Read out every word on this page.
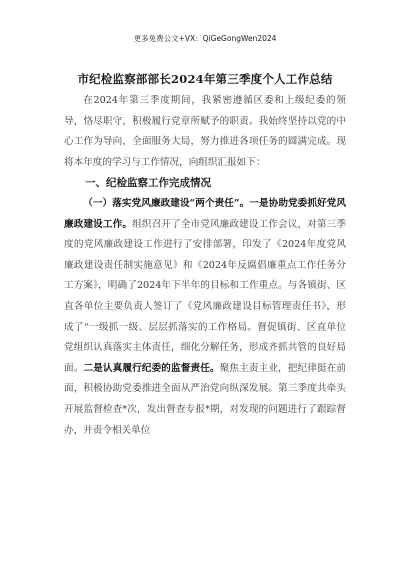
更多免费公文+VX：QiGeGongWen2024
市纪检监察部部长2024年第三季度个人工作总结

在2024年第三季度期间，我紧密遵循区委和上级纪委的领导，恪尽职守，积极履行党章所赋予的职责。我始终坚持以党的中心工作为导向，全面服务大局，努力推进各项任务的圆满完成。现将本年度的学习与工作情况，向组织汇报如下：

一、纪检监察工作完成情况

（一）落实党风廉政建设“两个责任”。一是协助党委抓好党风廉政建设工作。组织召开了全市党风廉政建设工作会议，对第三季度的党风廉政建设工作进行了安排部署，印发了《2024年度党风廉政建设责任制实施意见》和《2024年反腐倡廉重点工作任务分工方案》，明确了2024年下半年的目标和工作重点。与各镇街、区直各单位主要负责人签订了《党风廉政建设目标管理责任书》，形成了“一级抓一级、层层抓落实的工作格局。督促镇街、区直单位党组织认真落实主体责任，细化分解任务，形成齐抓共管的良好局面。二是认真履行纪委的监督责任。聚焦主责主业，把纪律挺在前面，积极协助党委推进全面从严治党向纵深发展。第三季度共牵头开展监督检查*次，发出督查专报*期，对发现的问题进行了跟踪督办，并责令相关单位
